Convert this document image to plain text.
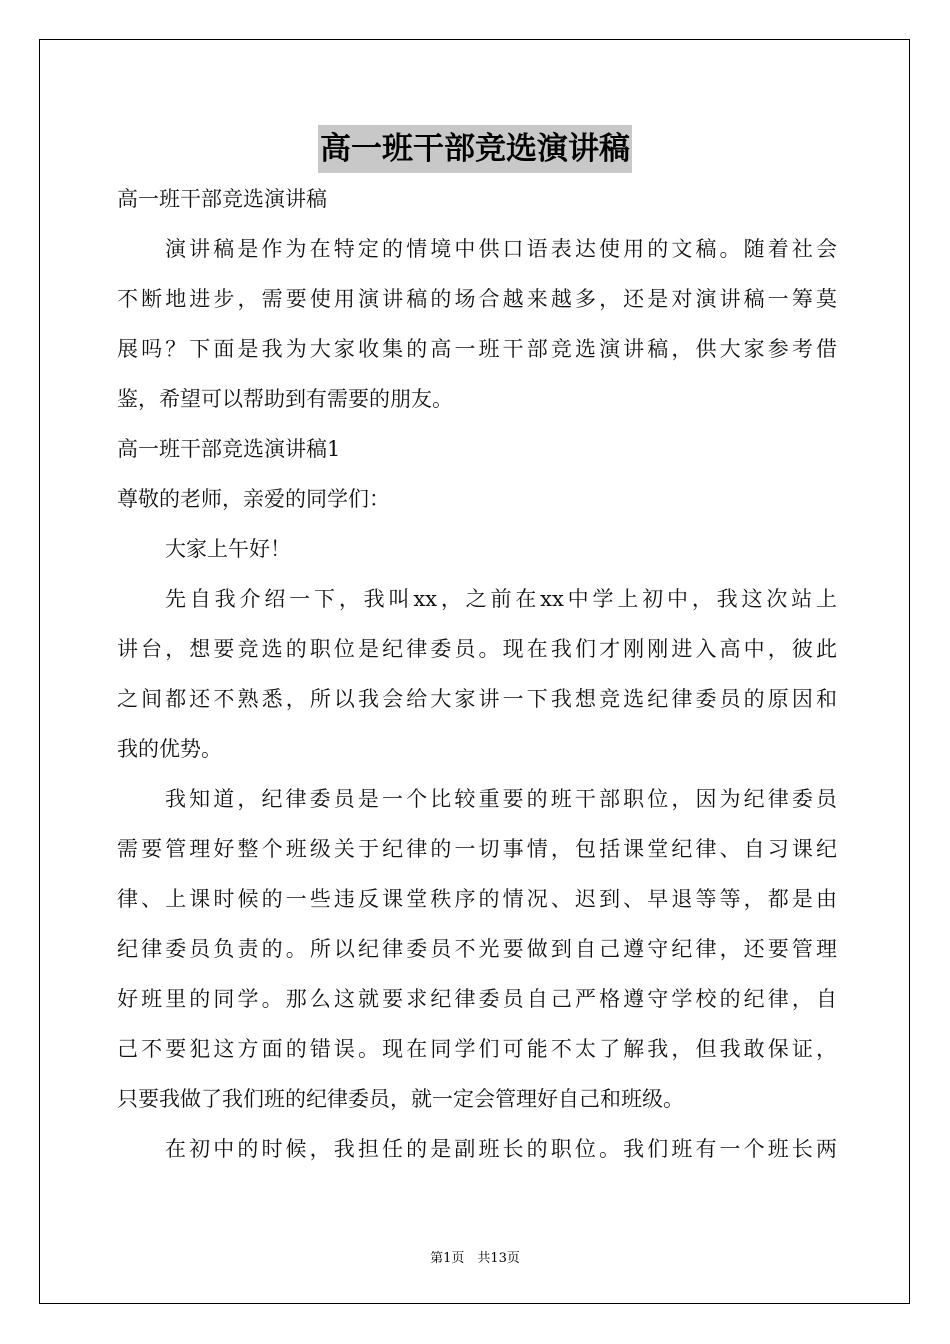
高一班干部竞选演讲稿
高一班干部竞选演讲稿
演讲稿是作为在特定的情境中供口语表达使用的文稿。随着社会
不断地进步，需要使用演讲稿的场合越来越多，还是对演讲稿一筹莫
展吗？下面是我为大家收集的高一班干部竞选演讲稿，供大家参考借
鉴，希望可以帮助到有需要的朋友。
高一班干部竞选演讲稿1
尊敬的老师，亲爱的同学们：
大家上午好！
先自我介绍一下，我叫xx，之前在xx中学上初中，我这次站上
讲台，想要竞选的职位是纪律委员。现在我们才刚刚进入高中，彼此
之间都还不熟悉，所以我会给大家讲一下我想竞选纪律委员的原因和
我的优势。
我知道，纪律委员是一个比较重要的班干部职位，因为纪律委员
需要管理好整个班级关于纪律的一切事情，包括课堂纪律、自习课纪
律、上课时候的一些违反课堂秩序的情况、迟到、早退等等，都是由
纪律委员负责的。所以纪律委员不光要做到自己遵守纪律，还要管理
好班里的同学。那么这就要求纪律委员自己严格遵守学校的纪律，自
己不要犯这方面的错误。现在同学们可能不太了解我，但我敢保证，
只要我做了我们班的纪律委员，就一定会管理好自己和班级。
在初中的时候，我担任的是副班长的职位。我们班有一个班长两
第1页　共13页
